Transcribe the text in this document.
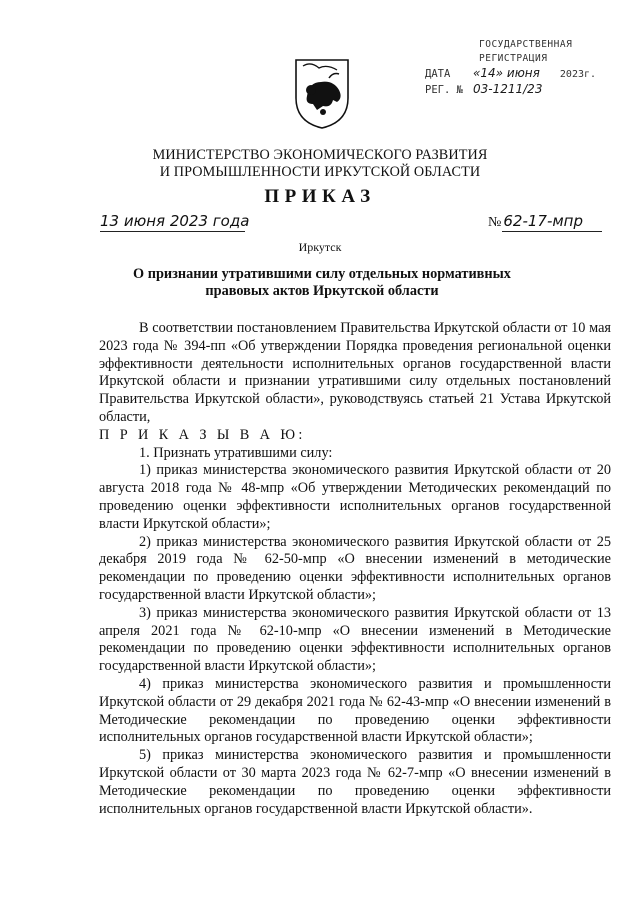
ГОСУДАРСТВЕННАЯ
РЕГИСТРАЦИЯ
ДАТА «14» июня 2023г.
РЕГ. № 03-1211/23
МИНИСТЕРСТВО ЭКОНОМИЧЕСКОГО РАЗВИТИЯ
И ПРОМЫШЛЕННОСТИ ИРКУТСКОЙ ОБЛАСТИ
ПРИКАЗ
13 июня 2023 года	№ 62-17-мпр
Иркутск
О признании утратившими силу отдельных нормативных правовых актов Иркутской области

В соответствии постановлением Правительства Иркутской области от 10 мая 2023 года № 394-пп «Об утверждении Порядка проведения региональной оценки эффективности деятельности исполнительных органов государственной власти Иркутской области и признании утратившими силу отдельных постановлений Правительства Иркутской области», руководствуясь статьей 21 Устава Иркутской области,

П Р И К А З Ы В А Ю:

1. Признать утратившими силу:

1) приказ министерства экономического развития Иркутской области от 20 августа 2018 года № 48-мпр «Об утверждении Методических рекомендаций по проведению оценки эффективности исполнительных органов государственной власти Иркутской области»;

2) приказ министерства экономического развития Иркутской области от 25 декабря 2019 года № 62-50-мпр «О внесении изменений в методические рекомендации по проведению оценки эффективности исполнительных органов государственной власти Иркутской области»;

3) приказ министерства экономического развития Иркутской области от 13 апреля 2021 года № 62-10-мпр «О внесении изменений в Методические рекомендации по проведению оценки эффективности исполнительных органов государственной власти Иркутской области»;

4) приказ министерства экономического развития и промышленности Иркутской области от 29 декабря 2021 года № 62-43-мпр «О внесении изменений в Методические рекомендации по проведению оценки эффективности исполнительных органов государственной власти Иркутской области»;

5) приказ министерства экономического развития и промышленности Иркутской области от 30 марта 2023 года № 62-7-мпр «О внесении изменений в Методические рекомендации по проведению оценки эффективности исполнительных органов государственной власти Иркутской области».
